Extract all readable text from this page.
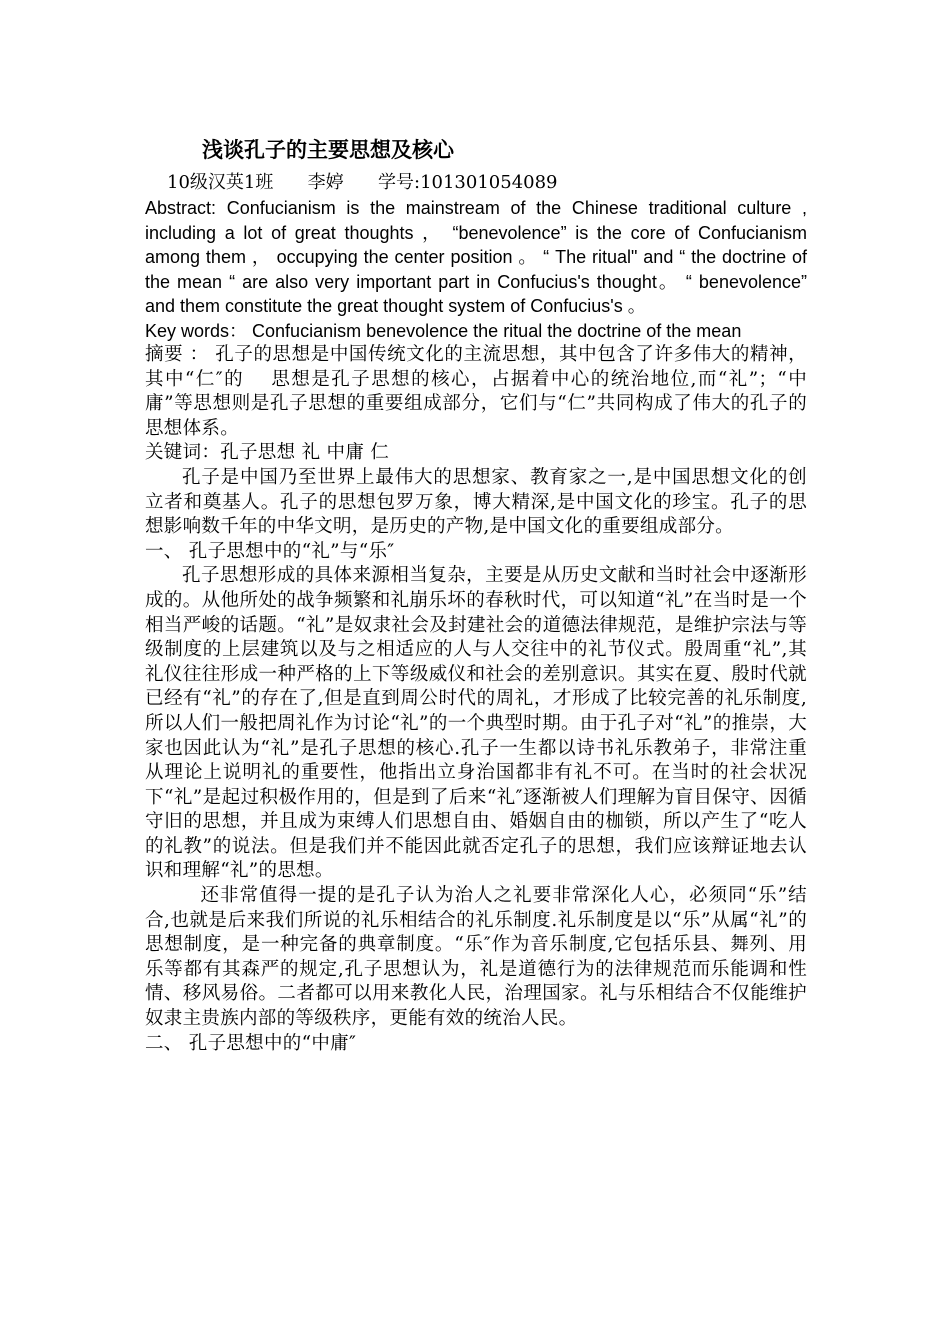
浅谈孔子的主要思想及核心
10级汉英1班      李婷      学号:101301054089

Abstract: Confucianism is the mainstream of the Chinese traditional culture , including a lot of great thoughts ， “benevolence” is the core of Confucianism among them ， occupying the center position 。 “ The ritual" and “ the doctrine of the mean “ are also very important part in Confucius's thought。 “ benevolence” and them constitute the great thought system of Confucius's 。

Key words： Confucianism benevolence the ritual the doctrine of the mean

摘要 ： 孔子的思想是中国传统文化的主流思想，其中包含了许多伟大的精神，其中“仁″的　 思想是孔子思想的核心，占据着中心的统治地位,而“礼”；“中庸”等思想则是孔子思想的重要组成部分，它们与“仁”共同构成了伟大的孔子的思想体系。

关键词：孔子思想 礼 中庸 仁

孔子是中国乃至世界上最伟大的思想家、教育家之一,是中国思想文化的创立者和奠基人。孔子的思想包罗万象，博大精深,是中国文化的珍宝。孔子的思想影响数千年的中华文明，是历史的产物,是中国文化的重要组成部分。

一、 孔子思想中的“礼”与“乐″

孔子思想形成的具体来源相当复杂，主要是从历史文献和当时社会中逐渐形成的。从他所处的战争频繁和礼崩乐坏的春秋时代，可以知道“礼”在当时是一个相当严峻的话题。“礼”是奴隶社会及封建社会的道德法律规范，是维护宗法与等级制度的上层建筑以及与之相适应的人与人交往中的礼节仪式。殷周重“礼”,其礼仪往往形成一种严格的上下等级威仪和社会的差别意识。其实在夏、殷时代就已经有“礼”的存在了,但是直到周公时代的周礼，才形成了比较完善的礼乐制度,所以人们一般把周礼作为讨论“礼”的一个典型时期。由于孔子对“礼”的推崇，大家也因此认为“礼”是孔子思想的核心.孔子一生都以诗书礼乐教弟子，非常注重从理论上说明礼的重要性，他指出立身治国都非有礼不可。在当时的社会状况下“礼”是起过积极作用的，但是到了后来“礼″逐渐被人们理解为盲目保守、因循守旧的思想，并且成为束缚人们思想自由、婚姻自由的枷锁，所以产生了“吃人的礼教”的说法。但是我们并不能因此就否定孔子的思想，我们应该辩证地去认识和理解“礼”的思想。

还非常值得一提的是孔子认为治人之礼要非常深化人心，必须同“乐”结合,也就是后来我们所说的礼乐相结合的礼乐制度.礼乐制度是以“乐”从属“礼”的思想制度，是一种完备的典章制度。“乐″作为音乐制度,它包括乐县、舞列、用乐等都有其森严的规定,孔子思想认为，礼是道德行为的法律规范而乐能调和性情、移风易俗。二者都可以用来教化人民，治理国家。礼与乐相结合不仅能维护奴隶主贵族内部的等级秩序，更能有效的统治人民。

二、 孔子思想中的“中庸″
